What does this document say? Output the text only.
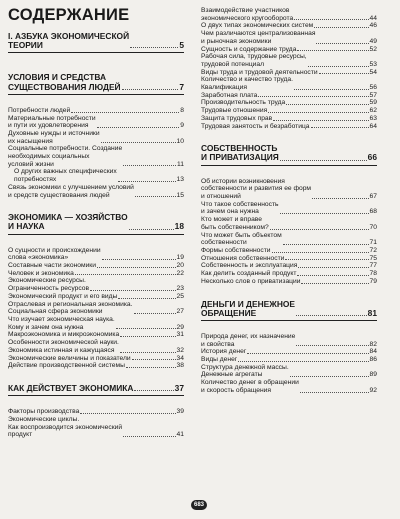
СОДЕРЖАНИЕ
I. АЗБУКА ЭКОНОМИЧЕСКОЙ
ТЕОРИИ	5
УСЛОВИЯ И СРЕДСТВА
СУЩЕСТВОВАНИЯ ЛЮДЕЙ	7
Потребности людей	8
Материальные потребности
и пути их удовлетворения	9
Духовные нужды и источники
их насыщения	10
Социальные потребности. Создание
необходимых социальных
условий жизни	11
О других важных специфических
потребностях	13
Связь экономики с улучшением условий
и средств существования людей	15
ЭКОНОМИКА — ХОЗЯЙСТВО
И НАУКА	18
О сущности и происхождении
слова «экономика»	19
Составные части экономики	20
Человек и экономика	22
Экономические ресурсы.
Ограниченность ресурсов	23
Экономический продукт и его виды	25
Отраслевая и региональная экономика.
Социальная сфера экономики	27
Что изучает экономическая наука.
Кому и зачем она нужна	29
Макроэкономика и микроэкономика	31
Особенности экономической науки.
Экономика истинная и кажущаяся	32
Экономические величины и показатели	34
Действие производственной системы	38
КАК ДЕЙСТВУЕТ ЭКОНОМИКА	37
Факторы производства	39
Экономические циклы.
Как воспроизводится экономический
продукт	41
Взаимодействие участников
экономического кругооборота	44
О двух типах экономических систем	46
Чем различаются централизованная
и рыночная экономики	49
Сущность и содержание труда	52
Рабочая сила, трудовые ресурсы,
трудовой потенциал	53
Виды труда и трудовой деятельности	54
Количество и качество труда.
Квалификация	56
Заработная плата	57
Производительность труда	59
Трудовые отношения	62
Защита трудовых прав	63
Трудовая занятость и безработица	64
СОБСТВЕННОСТЬ
И ПРИВАТИЗАЦИЯ	66
Об истории возникновения
собственности и развития ее форм
и отношений	67
Что такое собственность
и зачем она нужна	68
Кто может и вправе
быть собственником?	70
Что может быть объектом
собственности	71
Формы собственности	72
Отношения собственности	75
Собственность и эксплуатация	77
Как делить созданный продукт	78
Несколько слов о приватизации	79
ДЕНЬГИ И ДЕНЕЖНОЕ
ОБРАЩЕНИЕ	81
Природа денег, их назначение
и свойства	82
История денег	84
Виды денег	86
Структура денежной массы.
Денежные агрегаты	89
Количество денег в обращении
и скорость обращения	92
683
